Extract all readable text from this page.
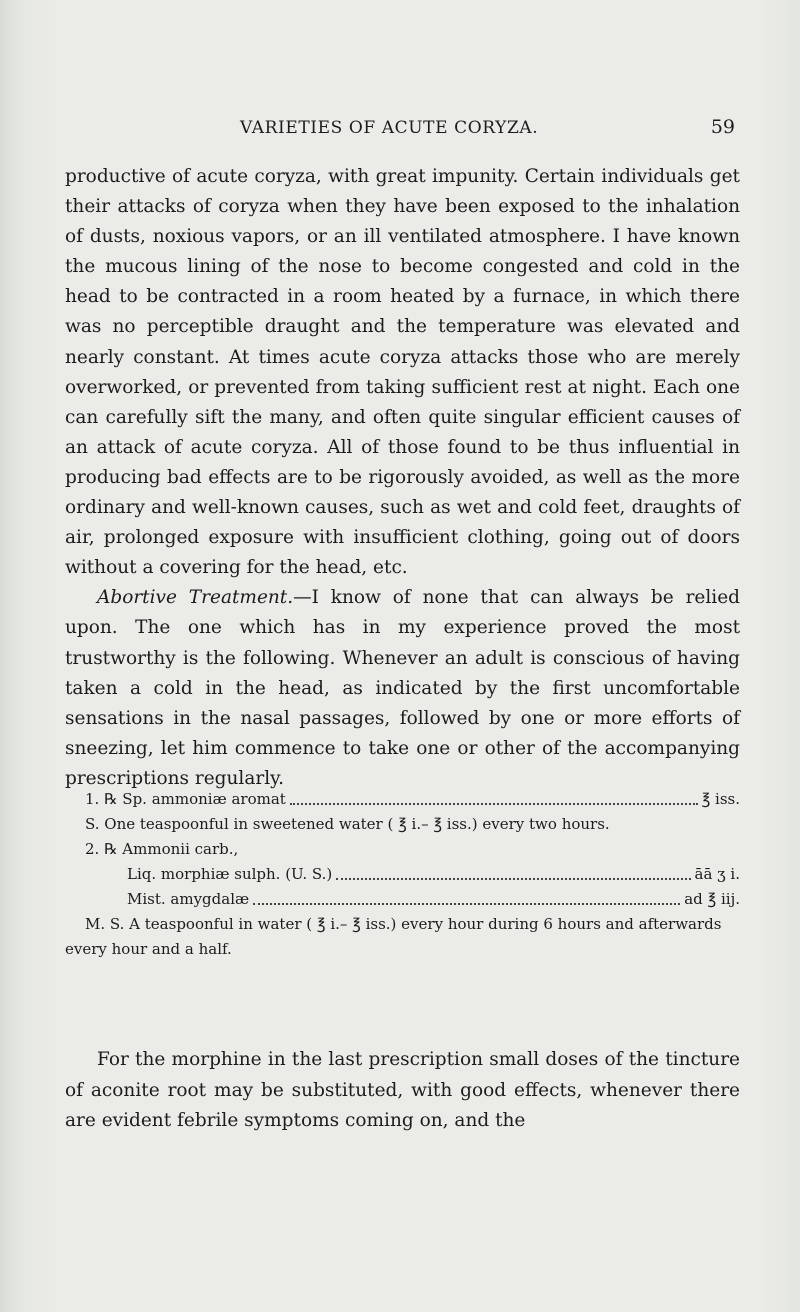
VARIETIES OF ACUTE CORYZA.	59

productive of acute coryza, with great impunity. Certain individuals get their attacks of coryza when they have been exposed to the inhalation of dusts, noxious vapors, or an ill ventilated atmosphere. I have known the mucous lining of the nose to become congested and cold in the head to be contracted in a room heated by a furnace, in which there was no perceptible draught and the temperature was elevated and nearly constant. At times acute coryza attacks those who are merely overworked, or prevented from taking sufficient rest at night. Each one can carefully sift the many, and often quite singular efficient causes of an attack of acute coryza. All of those found to be thus influential in producing bad effects are to be rigorously avoided, as well as the more ordinary and well-known causes, such as wet and cold feet, draughts of air, prolonged exposure with insufficient clothing, going out of doors without a covering for the head, etc.

Abortive Treatment.—I know of none that can always be relied upon. The one which has in my experience proved the most trustworthy is the following. Whenever an adult is conscious of having taken a cold in the head, as indicated by the first uncomfortable sensations in the nasal passages, followed by one or more efforts of sneezing, let him commence to take one or other of the accompanying prescriptions regularly.

1. ℞ Sp. ammoniæ aromat	℥ iss.
S. One teaspoonful in sweetened water ( ℥ i.– ℥ iss.) every two hours.
2. ℞ Ammonii carb.,
Liq. morphiæ sulph. (U. S.)	āā ʒ i.
Mist. amygdalæ	ad ℥ iij.
M. S. A teaspoonful in water ( ℥ i.– ℥ iss.) every hour during 6 hours and afterwards every hour and a half.

For the morphine in the last prescription small doses of the tincture of aconite root may be substituted, with good effects, whenever there are evident febrile symptoms coming on, and the
